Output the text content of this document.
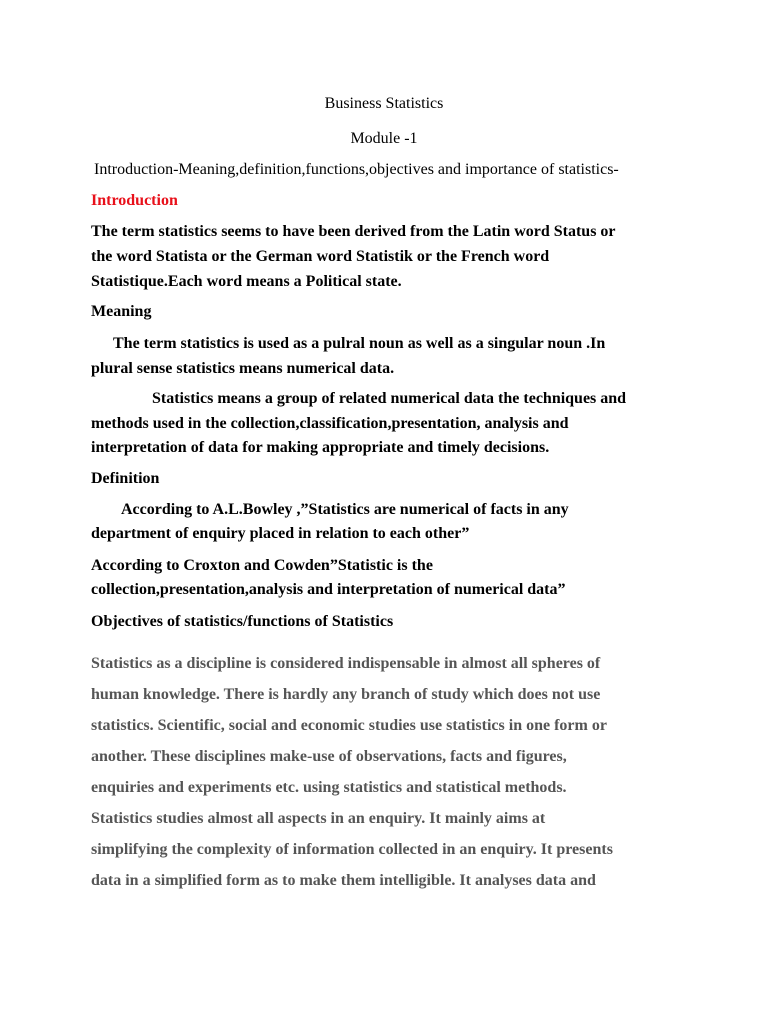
Business Statistics

Module -1

Introduction-Meaning,definition,functions,objectives and importance of statistics-

Introduction

The term statistics seems to have been derived from the Latin word Status or

the word Statista or the German word Statistik or the French word

Statistique.Each word means a Political state.

Meaning

The term statistics is used as a pulral noun as well as a singular noun .In

plural sense statistics means numerical data.

Statistics means a group of related numerical data the techniques and

methods used in the collection,classification,presentation, analysis and

interpretation of data for making appropriate and timely decisions.

Definition

According to A.L.Bowley ,”Statistics are numerical of facts in any

department of enquiry placed in relation to each other”

According to Croxton and Cowden”Statistic is the

collection,presentation,analysis and interpretation of numerical data”

Objectives of statistics/functions of Statistics

Statistics as a discipline is considered indispensable in almost all spheres of

human knowledge. There is hardly any branch of study which does not use

statistics. Scientific, social and economic studies use statistics in one form or

another. These disciplines make-use of observations, facts and figures,

enquiries and experiments etc. using statistics and statistical methods.

Statistics studies almost all aspects in an enquiry. It mainly aims at

simplifying the complexity of information collected in an enquiry. It presents

data in a simplified form as to make them intelligible. It analyses data and
